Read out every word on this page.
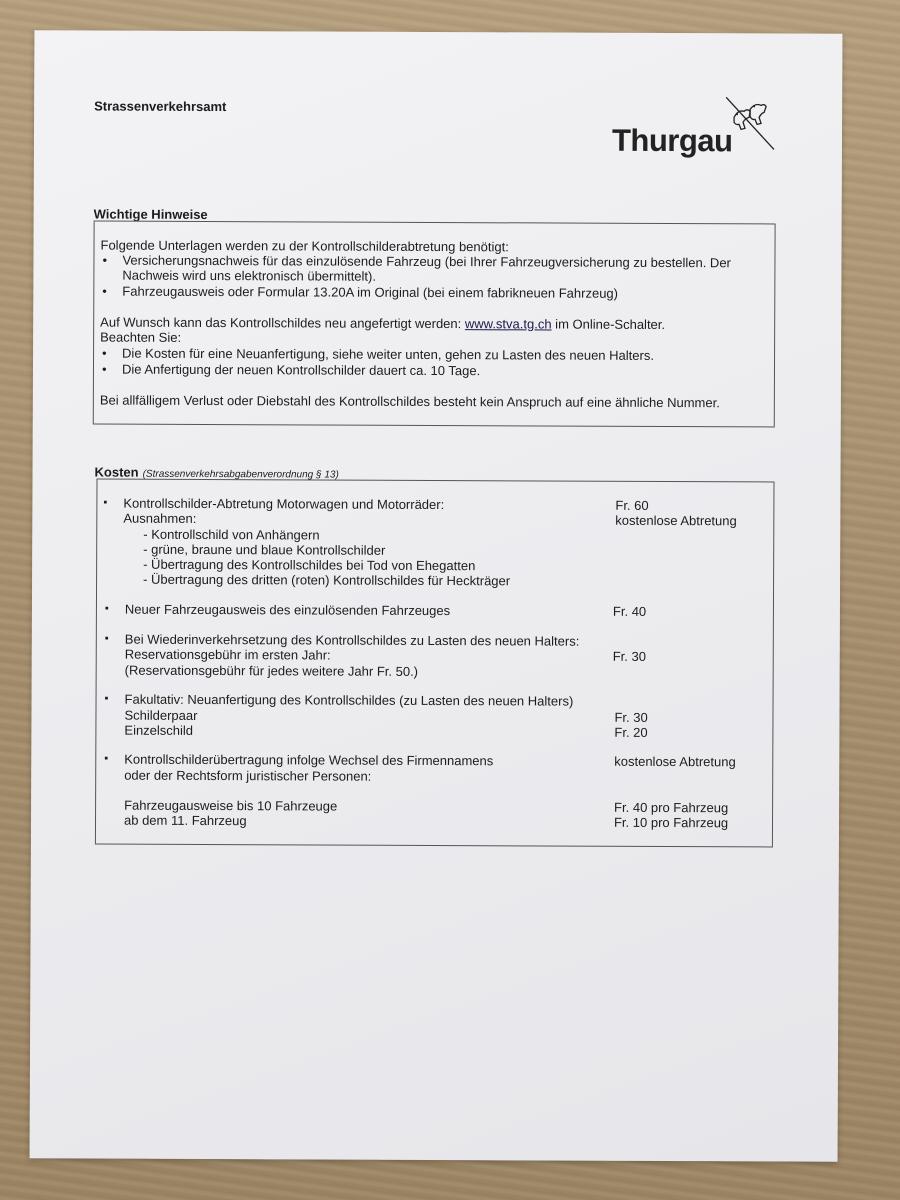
Strassenverkehrsamt
Thurgau
Wichtige Hinweise
Folgende Unterlagen werden zu der Kontrollschilderabtretung benötigt:
• Versicherungsnachweis für das einzulösende Fahrzeug (bei Ihrer Fahrzeugversicherung zu bestellen. Der
Nachweis wird uns elektronisch übermittelt).
• Fahrzeugausweis oder Formular 13.20A im Original (bei einem fabrikneuen Fahrzeug)
Auf Wunsch kann das Kontrollschildes neu angefertigt werden: www.stva.tg.ch im Online-Schalter.
Beachten Sie:
• Die Kosten für eine Neuanfertigung, siehe weiter unten, gehen zu Lasten des neuen Halters.
• Die Anfertigung der neuen Kontrollschilder dauert ca. 10 Tage.
Bei allfälligem Verlust oder Diebstahl des Kontrollschildes besteht kein Anspruch auf eine ähnliche Nummer.
Kosten (Strassenverkehrsabgabenverordnung § 13)
▪ Kontrollschilder-Abtretung Motorwagen und Motorräder:	Fr. 60
Ausnahmen:	kostenlose Abtretung
- Kontrollschild von Anhängern
- grüne, braune und blaue Kontrollschilder
- Übertragung des Kontrollschildes bei Tod von Ehegatten
- Übertragung des dritten (roten) Kontrollschildes für Heckträger
▪ Neuer Fahrzeugausweis des einzulösenden Fahrzeuges	Fr. 40
▪ Bei Wiederinverkehrsetzung des Kontrollschildes zu Lasten des neuen Halters:
Reservationsgebühr im ersten Jahr:	Fr. 30
(Reservationsgebühr für jedes weitere Jahr Fr. 50.)
▪ Fakultativ: Neuanfertigung des Kontrollschildes (zu Lasten des neuen Halters)
Schilderpaar	Fr. 30
Einzelschild	Fr. 20
▪ Kontrollschilderübertragung infolge Wechsel des Firmennamens	kostenlose Abtretung
oder der Rechtsform juristischer Personen:
Fahrzeugausweise bis 10 Fahrzeuge	Fr. 40 pro Fahrzeug
ab dem 11. Fahrzeug	Fr. 10 pro Fahrzeug
